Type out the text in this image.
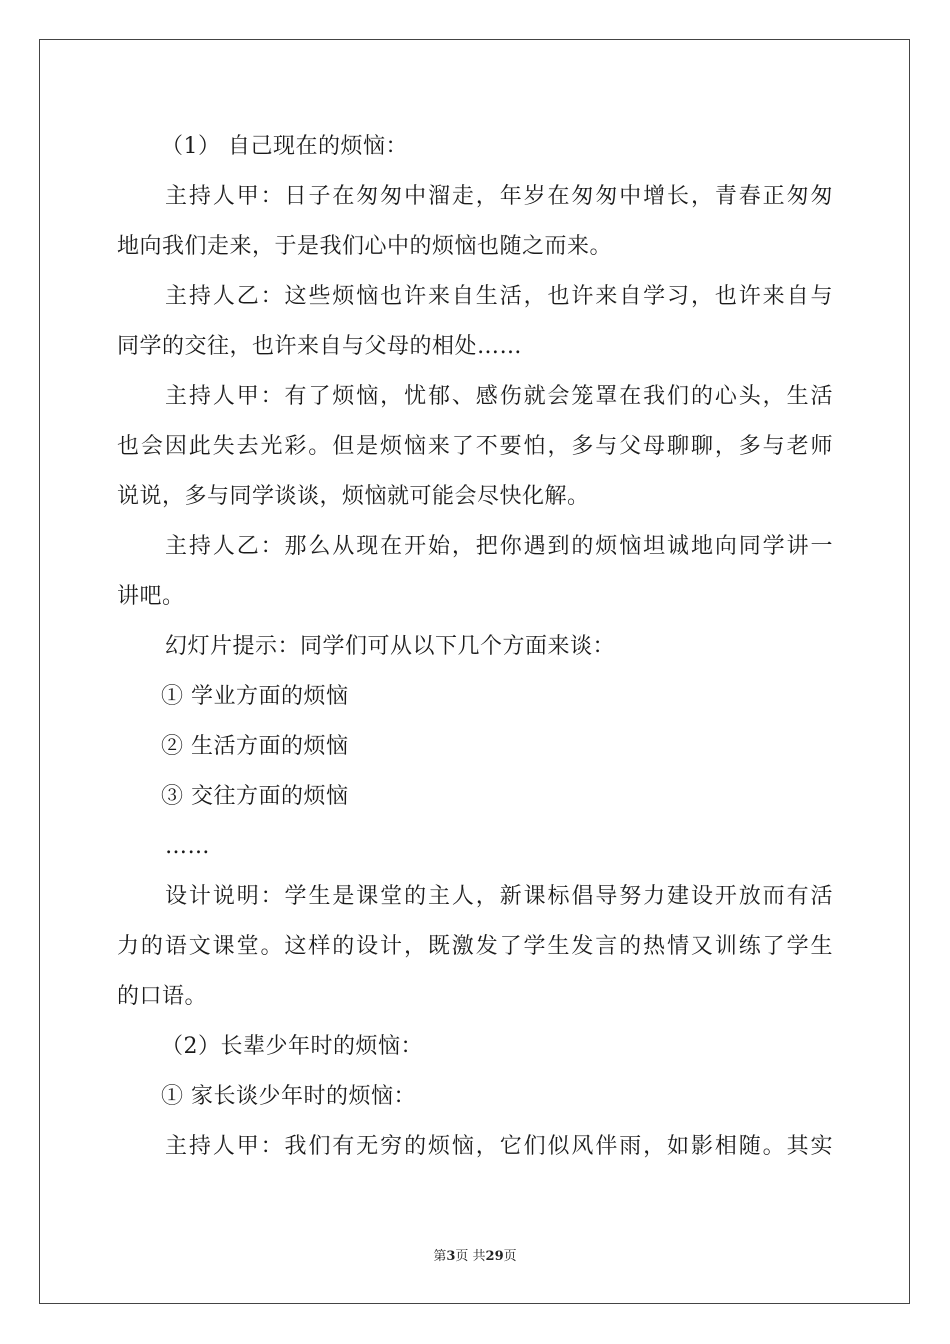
（1） 自己现在的烦恼：
主持人甲：日子在匆匆中溜走，年岁在匆匆中增长，青春正匆匆
地向我们走来，于是我们心中的烦恼也随之而来。
主持人乙：这些烦恼也许来自生活，也许来自学习，也许来自与
同学的交往，也许来自与父母的相处……
主持人甲：有了烦恼，忧郁、感伤就会笼罩在我们的心头，生活
也会因此失去光彩。但是烦恼来了不要怕，多与父母聊聊，多与老师
说说，多与同学谈谈，烦恼就可能会尽快化解。
主持人乙：那么从现在开始，把你遇到的烦恼坦诚地向同学讲一
讲吧。
幻灯片提示：同学们可从以下几个方面来谈：
① 学业方面的烦恼
② 生活方面的烦恼
③ 交往方面的烦恼
……
设计说明：学生是课堂的主人，新课标倡导努力建设开放而有活
力的语文课堂。这样的设计，既激发了学生发言的热情又训练了学生
的口语。
（2）长辈少年时的烦恼：
① 家长谈少年时的烦恼：
主持人甲：我们有无穷的烦恼，它们似风伴雨，如影相随。其实
第3页 共29页
